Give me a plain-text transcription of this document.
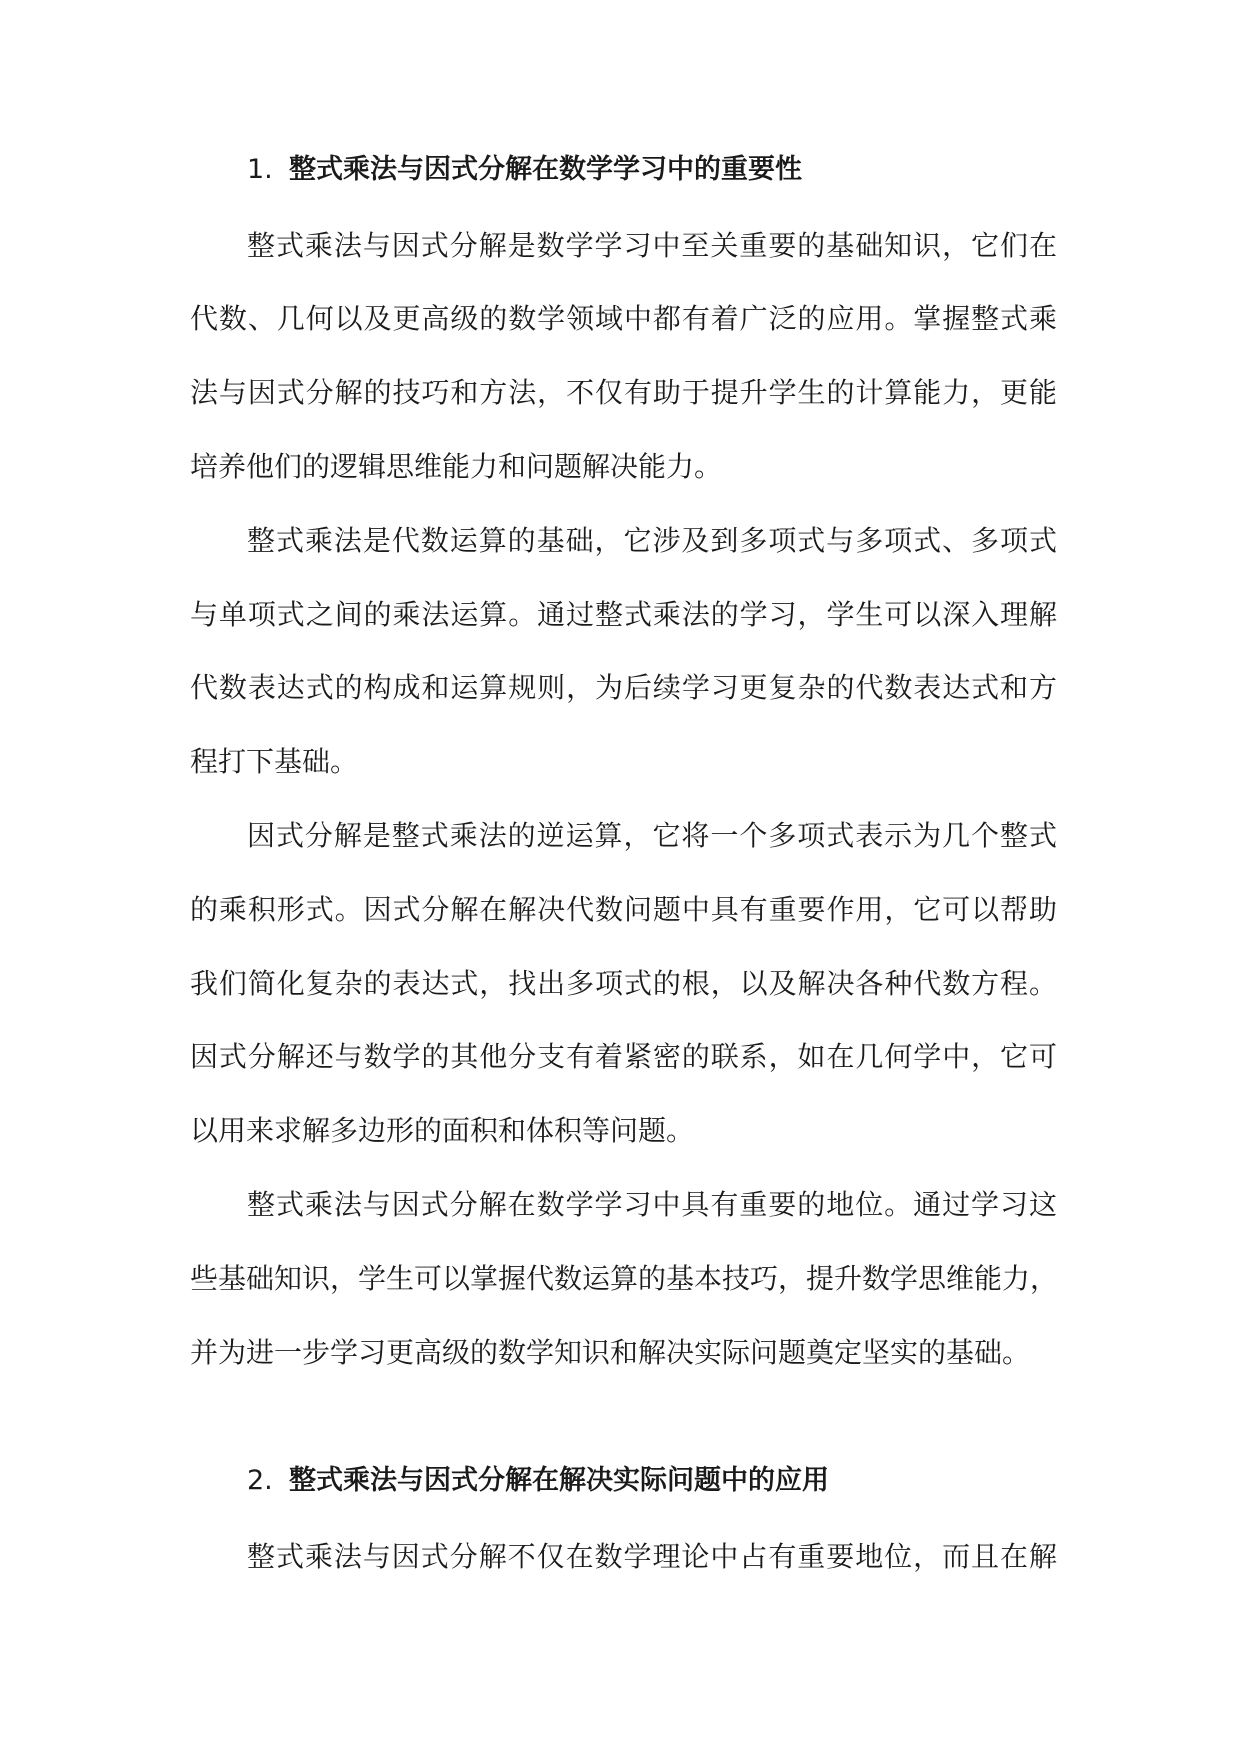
1. 整式乘法与因式分解在数学学习中的重要性

整式乘法与因式分解是数学学习中至关重要的基础知识，它们在

代数、几何以及更高级的数学领域中都有着广泛的应用。掌握整式乘

法与因式分解的技巧和方法，不仅有助于提升学生的计算能力，更能

培养他们的逻辑思维能力和问题解决能力。

整式乘法是代数运算的基础，它涉及到多项式与多项式、多项式

与单项式之间的乘法运算。通过整式乘法的学习，学生可以深入理解

代数表达式的构成和运算规则，为后续学习更复杂的代数表达式和方

程打下基础。

因式分解是整式乘法的逆运算，它将一个多项式表示为几个整式

的乘积形式。因式分解在解决代数问题中具有重要作用，它可以帮助

我们简化复杂的表达式，找出多项式的根，以及解决各种代数方程。

因式分解还与数学的其他分支有着紧密的联系，如在几何学中，它可

以用来求解多边形的面积和体积等问题。

整式乘法与因式分解在数学学习中具有重要的地位。通过学习这

些基础知识，学生可以掌握代数运算的基本技巧，提升数学思维能力，

并为进一步学习更高级的数学知识和解决实际问题奠定坚实的基础。

2. 整式乘法与因式分解在解决实际问题中的应用

整式乘法与因式分解不仅在数学理论中占有重要地位，而且在解
